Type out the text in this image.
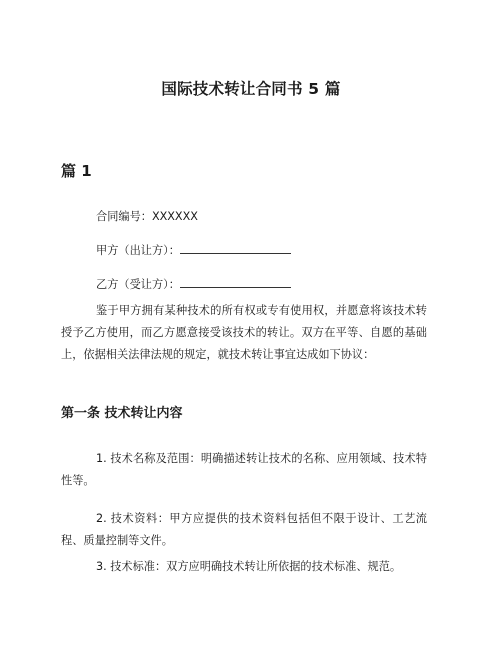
国际技术转让合同书 5 篇
篇 1
合同编号：XXXXXX
甲方（出让方）：
乙方（受让方）：
鉴于甲方拥有某种技术的所有权或专有使用权，并愿意将该技术转授予乙方使用，而乙方愿意接受该技术的转让。双方在平等、自愿的基础上，依据相关法律法规的规定，就技术转让事宜达成如下协议：
第一条 技术转让内容
1. 技术名称及范围：明确描述转让技术的名称、应用领域、技术特性等。
2. 技术资料：甲方应提供的技术资料包括但不限于设计、工艺流程、质量控制等文件。
3. 技术标准：双方应明确技术转让所依据的技术标准、规范。
